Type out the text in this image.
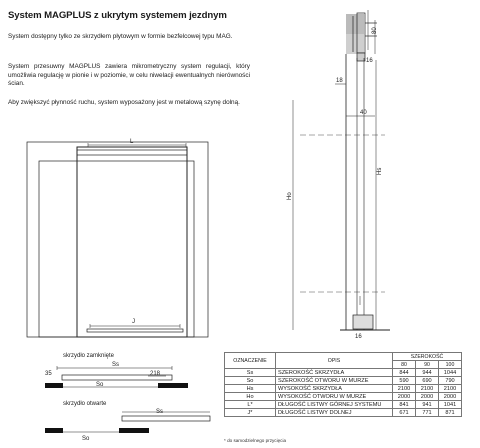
System MAGPLUS z ukrytym systemem jezdnym
System dostępny tylko ze skrzydłem płytowym w formie bezfelcowej typu MAG.
System przesuwny MAGPLUS zawiera mikrometryczny system regulacji, który umożliwia regulację w pionie i w poziomie, w celu niwelacji ewentualnych nierówności ścian.
Aby zwiększyć płynność ruchu, system wyposażony jest w metalową szynę dolną.
L
J
80
16
18
40
Ho
Hs
16
Ss
So
35	218
Ss
So
skrzydło zamknięte
skrzydło otwarte
OZNACZENIE	OPIS	SZEROKOŚĆ		
		80	90	100
Ss	SZEROKOŚĆ SKRZYDŁA	844	944	1044
So	SZEROKOŚĆ OTWORU W MURZE	590	690	790
Hs	WYSOKOŚĆ SKRZYDŁA	2100	2100	2100
Ho	WYSOKOŚĆ OTWORU W MURZE	2000	2000	2000
L*	DŁUGOŚĆ LISTWY GÓRNEJ SYSTEMU	841	941	1041
J*	DŁUGOŚĆ LISTWY DOLNEJ	671	771	871
* do samodzielnego przycięcia
